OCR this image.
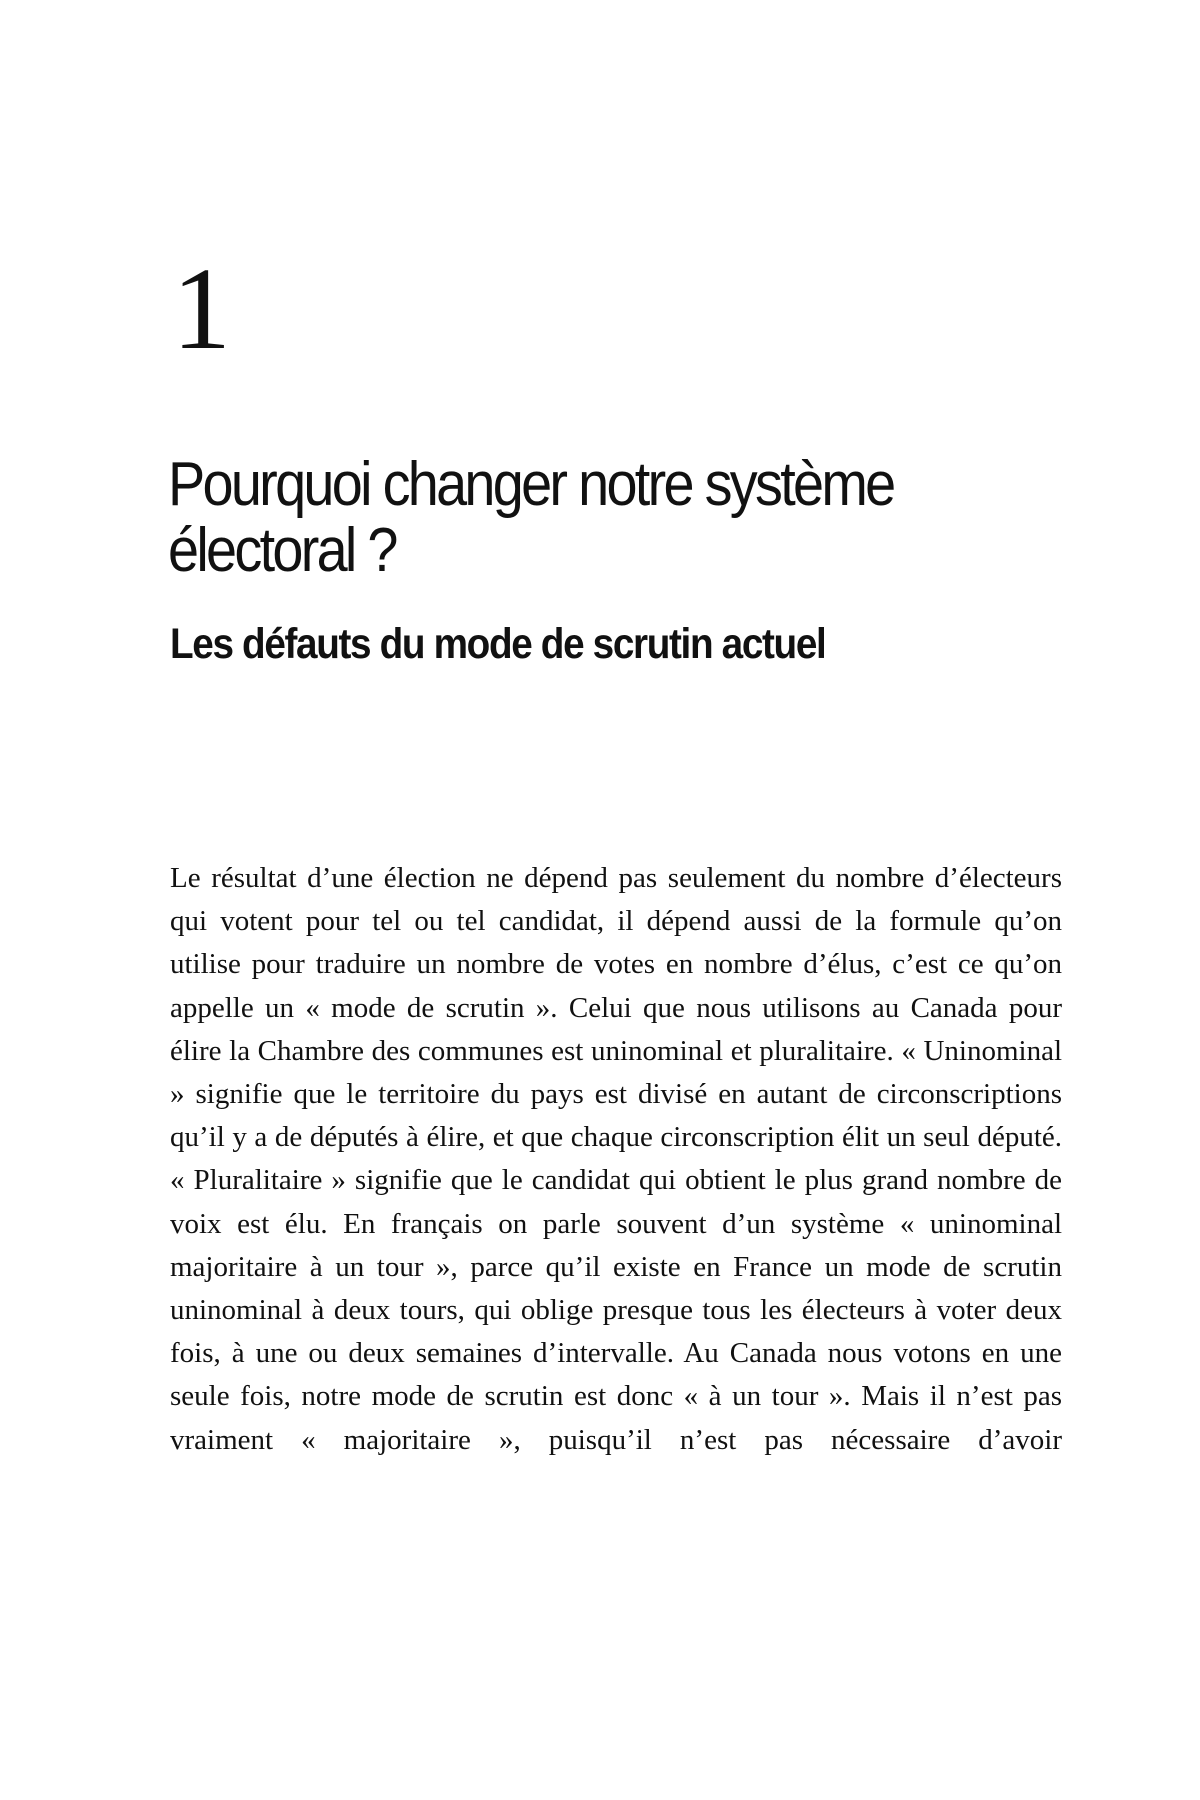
1
Pourquoi changer notre système électoral ?
Les défauts du mode de scrutin actuel

Le résultat d’une élection ne dépend pas seulement du nombre d’électeurs qui votent pour tel ou tel candidat, il dépend aussi de la formule qu’on utilise pour traduire un nombre de votes en nombre d’élus, c’est ce qu’on appelle un « mode de scrutin ». Celui que nous utilisons au Canada pour élire la Chambre des communes est uninominal et pluralitaire. « Uninominal » signifie que le territoire du pays est divisé en autant de circonscriptions qu’il y a de députés à élire, et que chaque circonscription élit un seul député. « Pluralitaire » signifie que le candidat qui obtient le plus grand nombre de voix est élu. En français on parle souvent d’un système « uninominal majoritaire à un tour », parce qu’il existe en France un mode de scrutin uninominal à deux tours, qui oblige presque tous les électeurs à voter deux fois, à une ou deux semaines d’intervalle. Au Canada nous votons en une seule fois, notre mode de scrutin est donc « à un tour ». Mais il n’est pas vraiment « majoritaire », puisqu’il n’est pas nécessaire d’avoir
